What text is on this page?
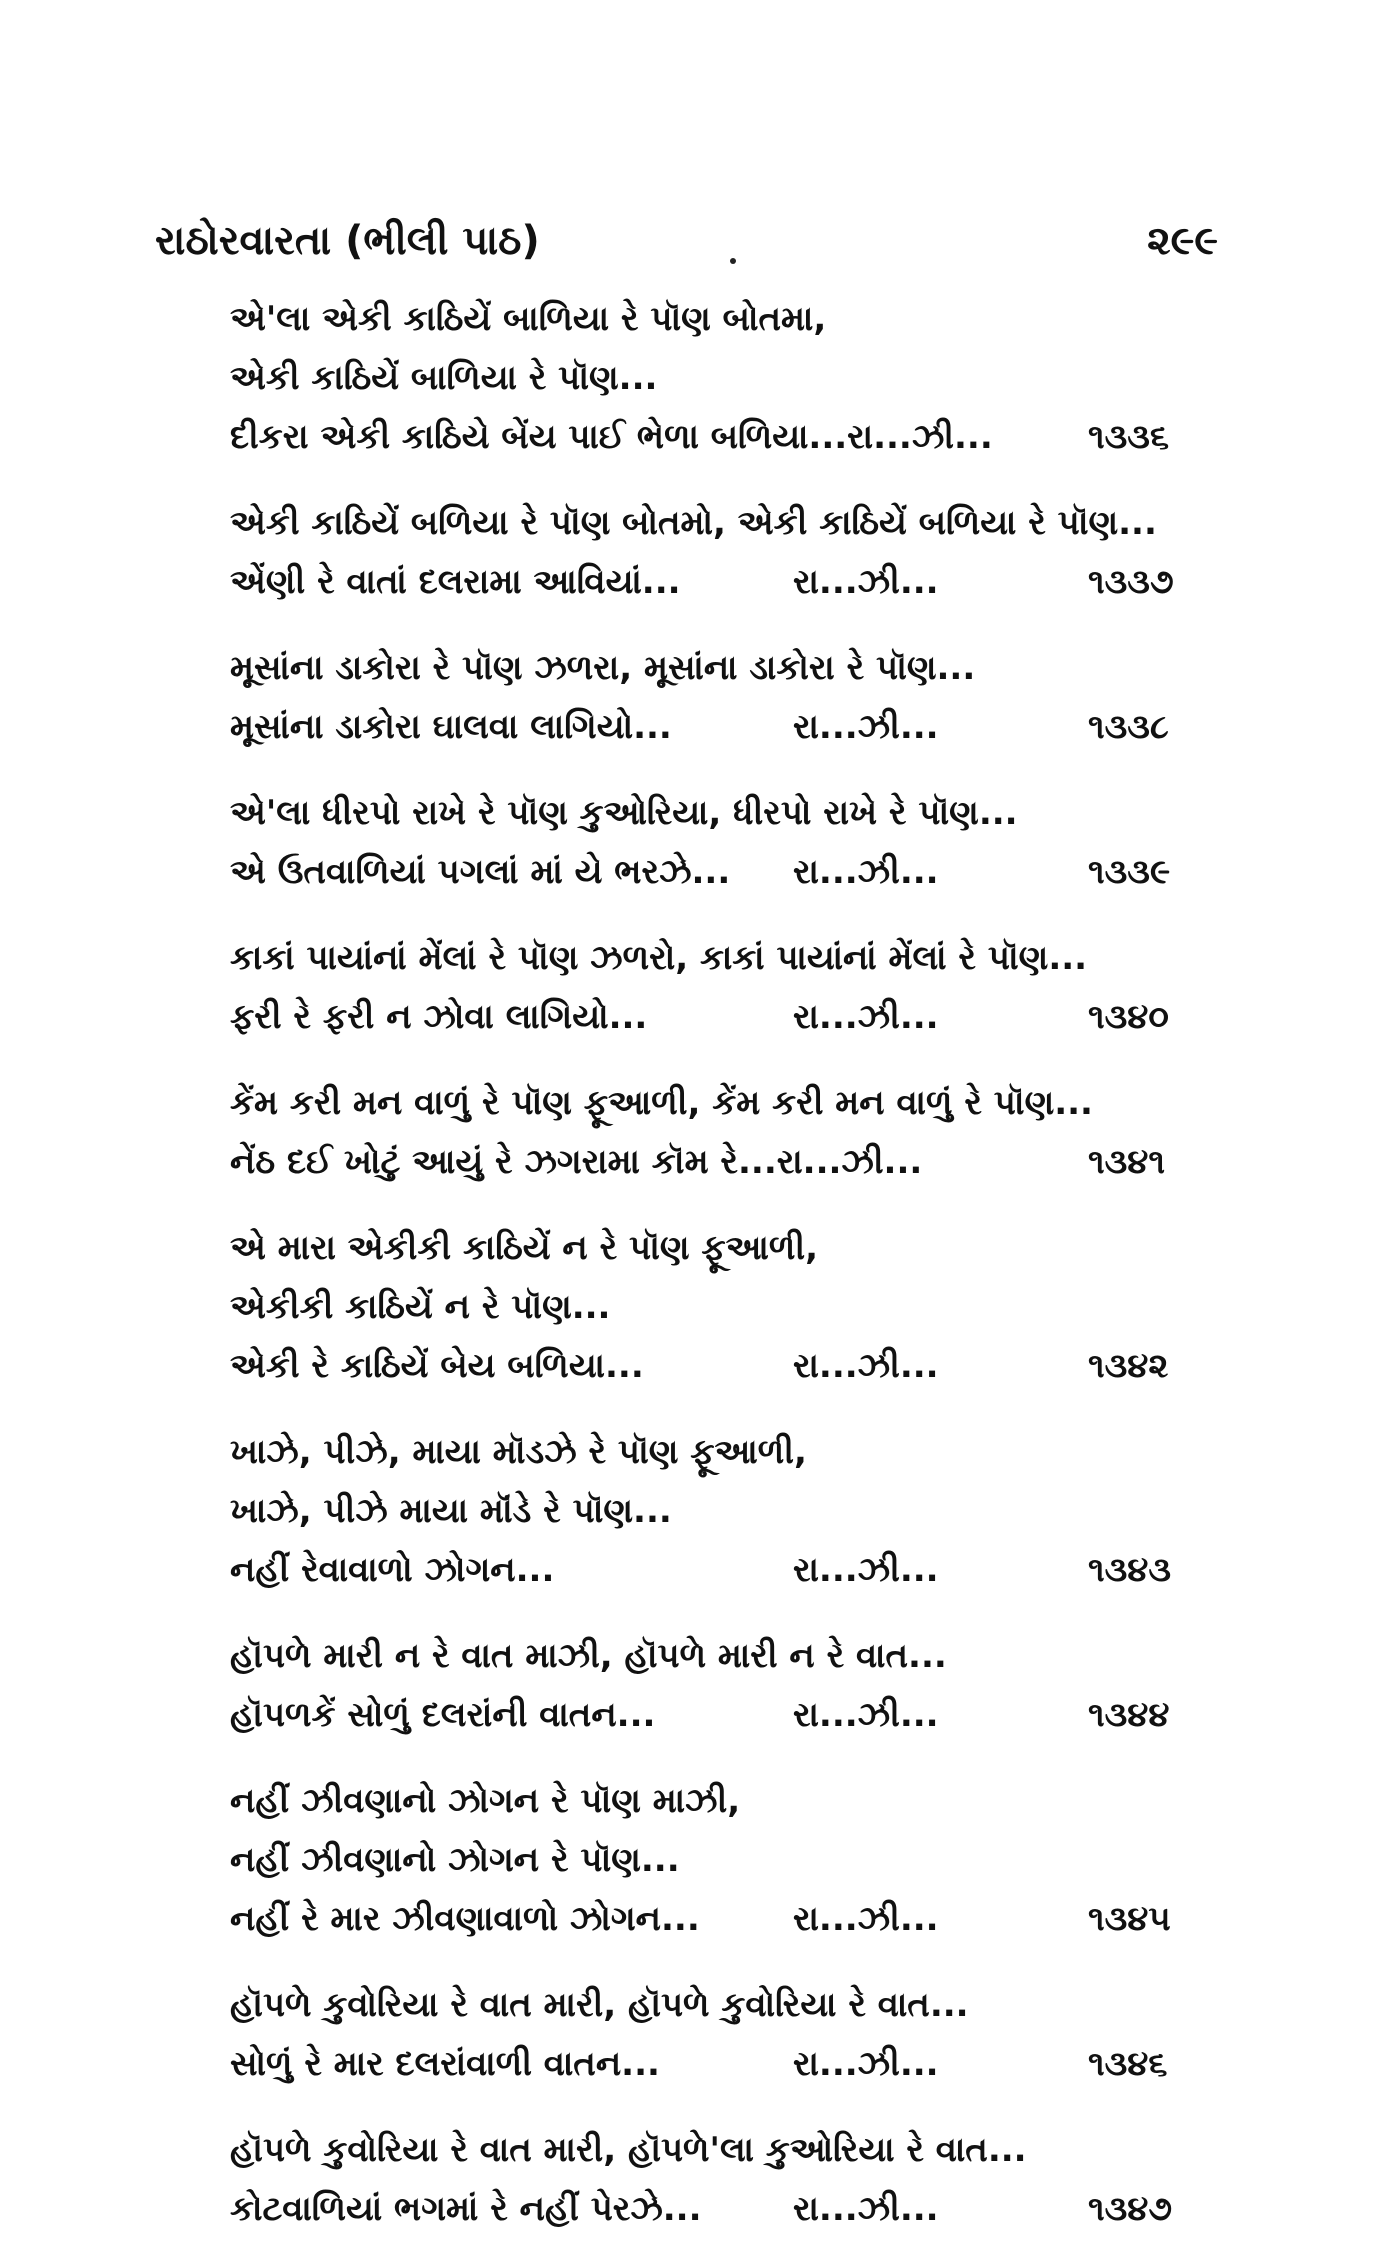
રાઠોરવારતા (ભીલી પાઠ)	૨૯૯
એ'લા એકી કાઠિયેં બાળિયા રે પૉણ બોતમા,
એકી કાઠિયેં બાળિયા રે પૉણ...
દીકરા એકી કાઠિયે બેંય પાઈ ભેળા બળિયા...રા...ઝી...	૧૩૩૬
એકી કાઠિયેં બળિયા રે પૉણ બોતમો, એકી કાઠિયેં બળિયા રે પૉણ...
એંણી રે વાતાં દલરામા આવિયાં...	રા...ઝી...	૧૩૩૭
મૂસાંના ડાકોરા રે પૉણ ઝળરા, મૂસાંના ડાકોરા રે પૉણ...
મૂસાંના ડાકોરા ઘાલવા લાગિયો...	રા...ઝી...	૧૩૩૮
એ'લા ધીરપો રાખે રે પૉણ કુઓરિયા, ધીરપો રાખે રે પૉણ...
એ ઉતવાળિયાં પગલાં માં યે ભરઝે... રા...ઝી...	૧૩૩૯
કાકાં પાયાંનાં મેંલાં રે પૉણ ઝળરો, કાકાં પાયાંનાં મેંલાં રે પૉણ...
ફરી રે ફરી ન ઝોવા લાગિયો...	રા...ઝી...	૧૩૪૦
કેંમ કરી મન વાળું રે પૉણ ફૂઆળી, કેંમ કરી મન વાળું રે પૉણ...
નેંઠ દઈ ખોટું આયું રે ઝગરામા કૉમ રે...રા...ઝી...	૧૩૪૧
એ મારા એકીકી કાઠિયેં ન રે પૉણ ફૂઆળી,
એકીકી કાઠિયેં ન રે પૉણ...
એકી રે કાઠિયેં બેય બળિયા...	રા...ઝી...	૧૩૪૨
ખાઝે, પીઝે, માયા મૉડઝે રે પૉણ ફૂઆળી,
ખાઝે, પીઝે માયા મૉંડે રે પૉણ...
નહીં રેવાવાળો ઝોગન...	રા...ઝી...	૧૩૪૩
હૉપળે મારી ન રે વાત માઝી, હૉપળે મારી ન રે વાત...
હૉપળકેં સોળું દલરાંની વાતન...	રા...ઝી...	૧૩૪૪
નહીં ઝીવણાનો ઝોગન રે પૉણ માઝી,
નહીં ઝીવણાનો ઝોગન રે પૉણ...
નહીં રે માર ઝીવણાવાળો ઝોગન...	રા...ઝી...	૧૩૪૫
હૉપળે કુવોરિયા રે વાત મારી, હૉપળે કુવોરિયા રે વાત...
સોળું રે માર દલરાંવાળી વાતન...	રા...ઝી...	૧૩૪૬
હૉપળે કુવોરિયા રે વાત મારી, હૉપળે'લા કુઓરિયા રે વાત...
કોટવાળિયાં ભગમાં રે નહીં પેરઝે...	રા...ઝી...	૧૩૪૭
